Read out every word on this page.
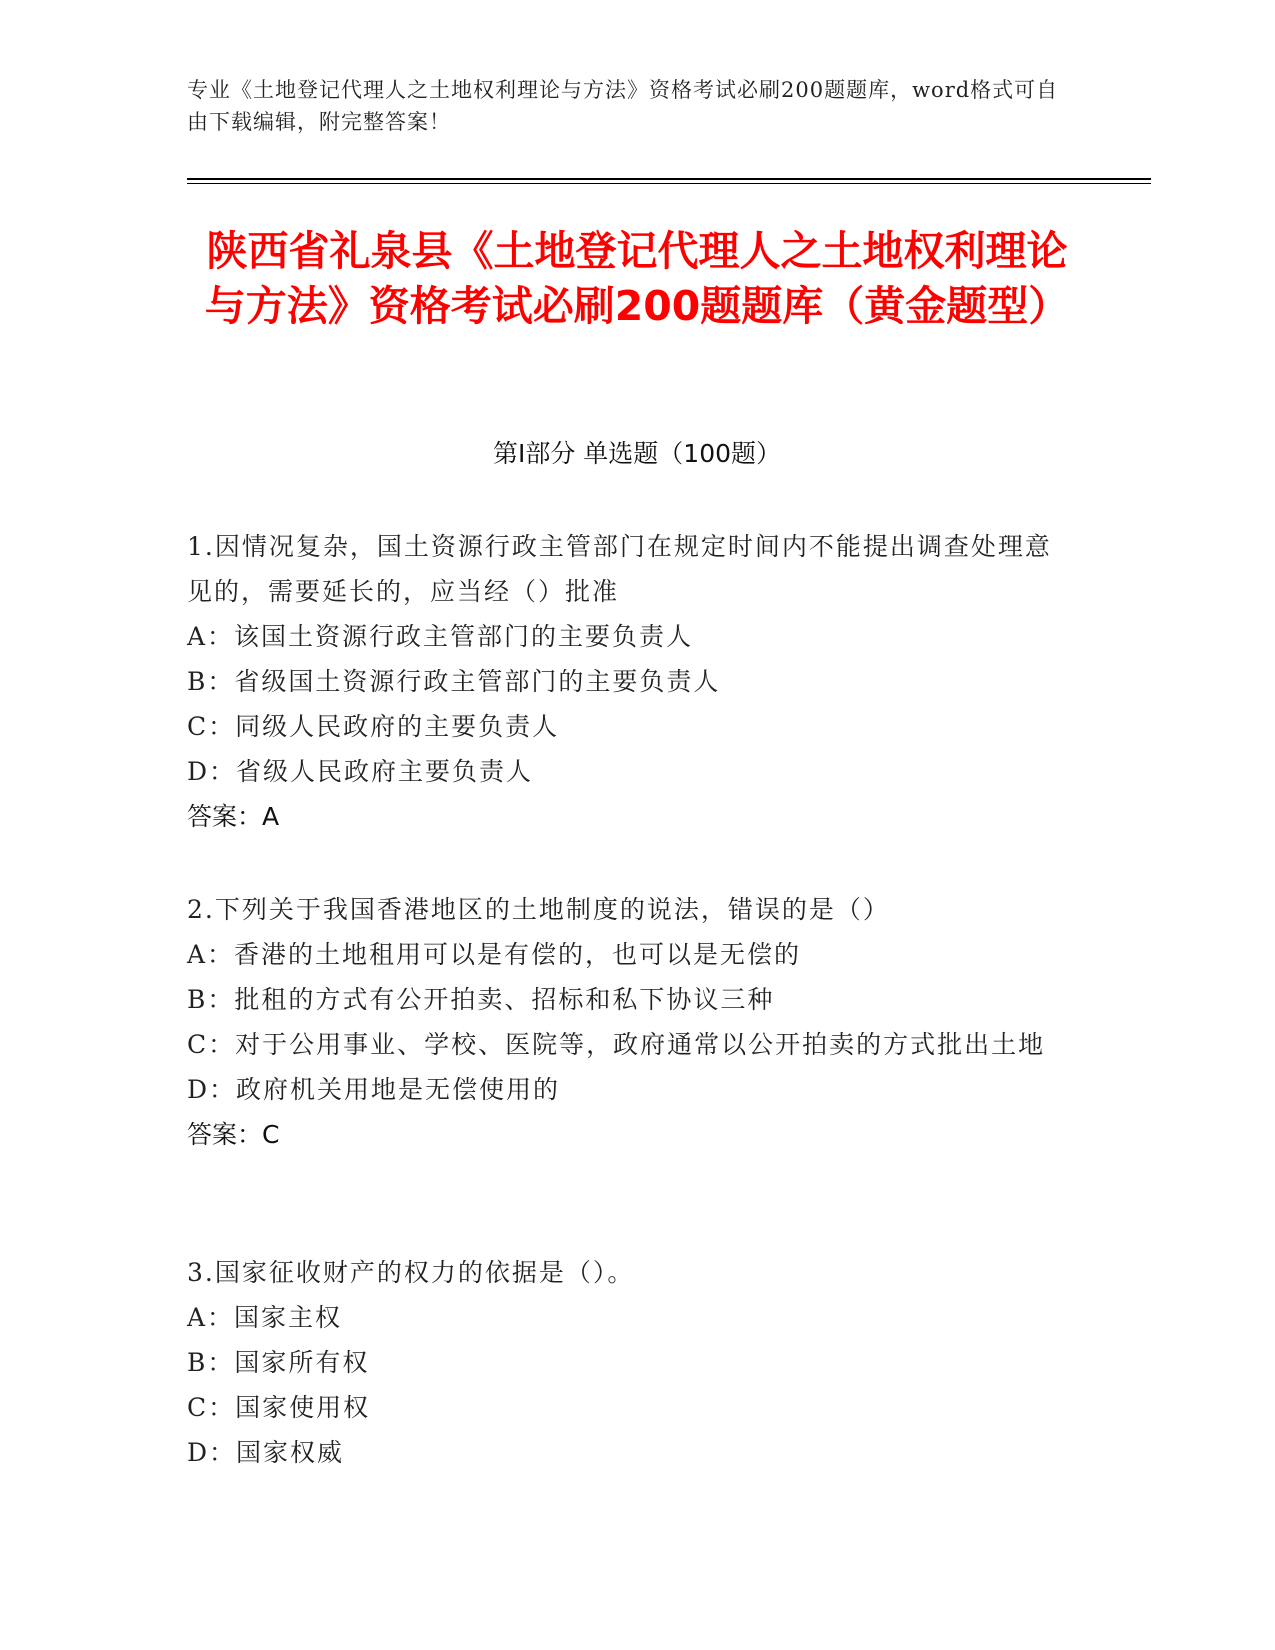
专业《土地登记代理人之土地权利理论与方法》资格考试必刷200题题库，word格式可自由下载编辑，附完整答案！
陕西省礼泉县《土地登记代理人之土地权利理论与方法》资格考试必刷200题题库（黄金题型）
第Ⅰ部分 单选题（100题）
1.因情况复杂，国土资源行政主管部门在规定时间内不能提出调查处理意见的，需要延长的，应当经（）批准
A：该国土资源行政主管部门的主要负责人
B：省级国土资源行政主管部门的主要负责人
C：同级人民政府的主要负责人
D：省级人民政府主要负责人
答案：A
2.下列关于我国香港地区的土地制度的说法，错误的是（）
A：香港的土地租用可以是有偿的，也可以是无偿的
B：批租的方式有公开拍卖、招标和私下协议三种
C：对于公用事业、学校、医院等，政府通常以公开拍卖的方式批出土地
D：政府机关用地是无偿使用的
答案：C
3.国家征收财产的权力的依据是（）。
A：国家主权
B：国家所有权
C：国家使用权
D：国家权威
